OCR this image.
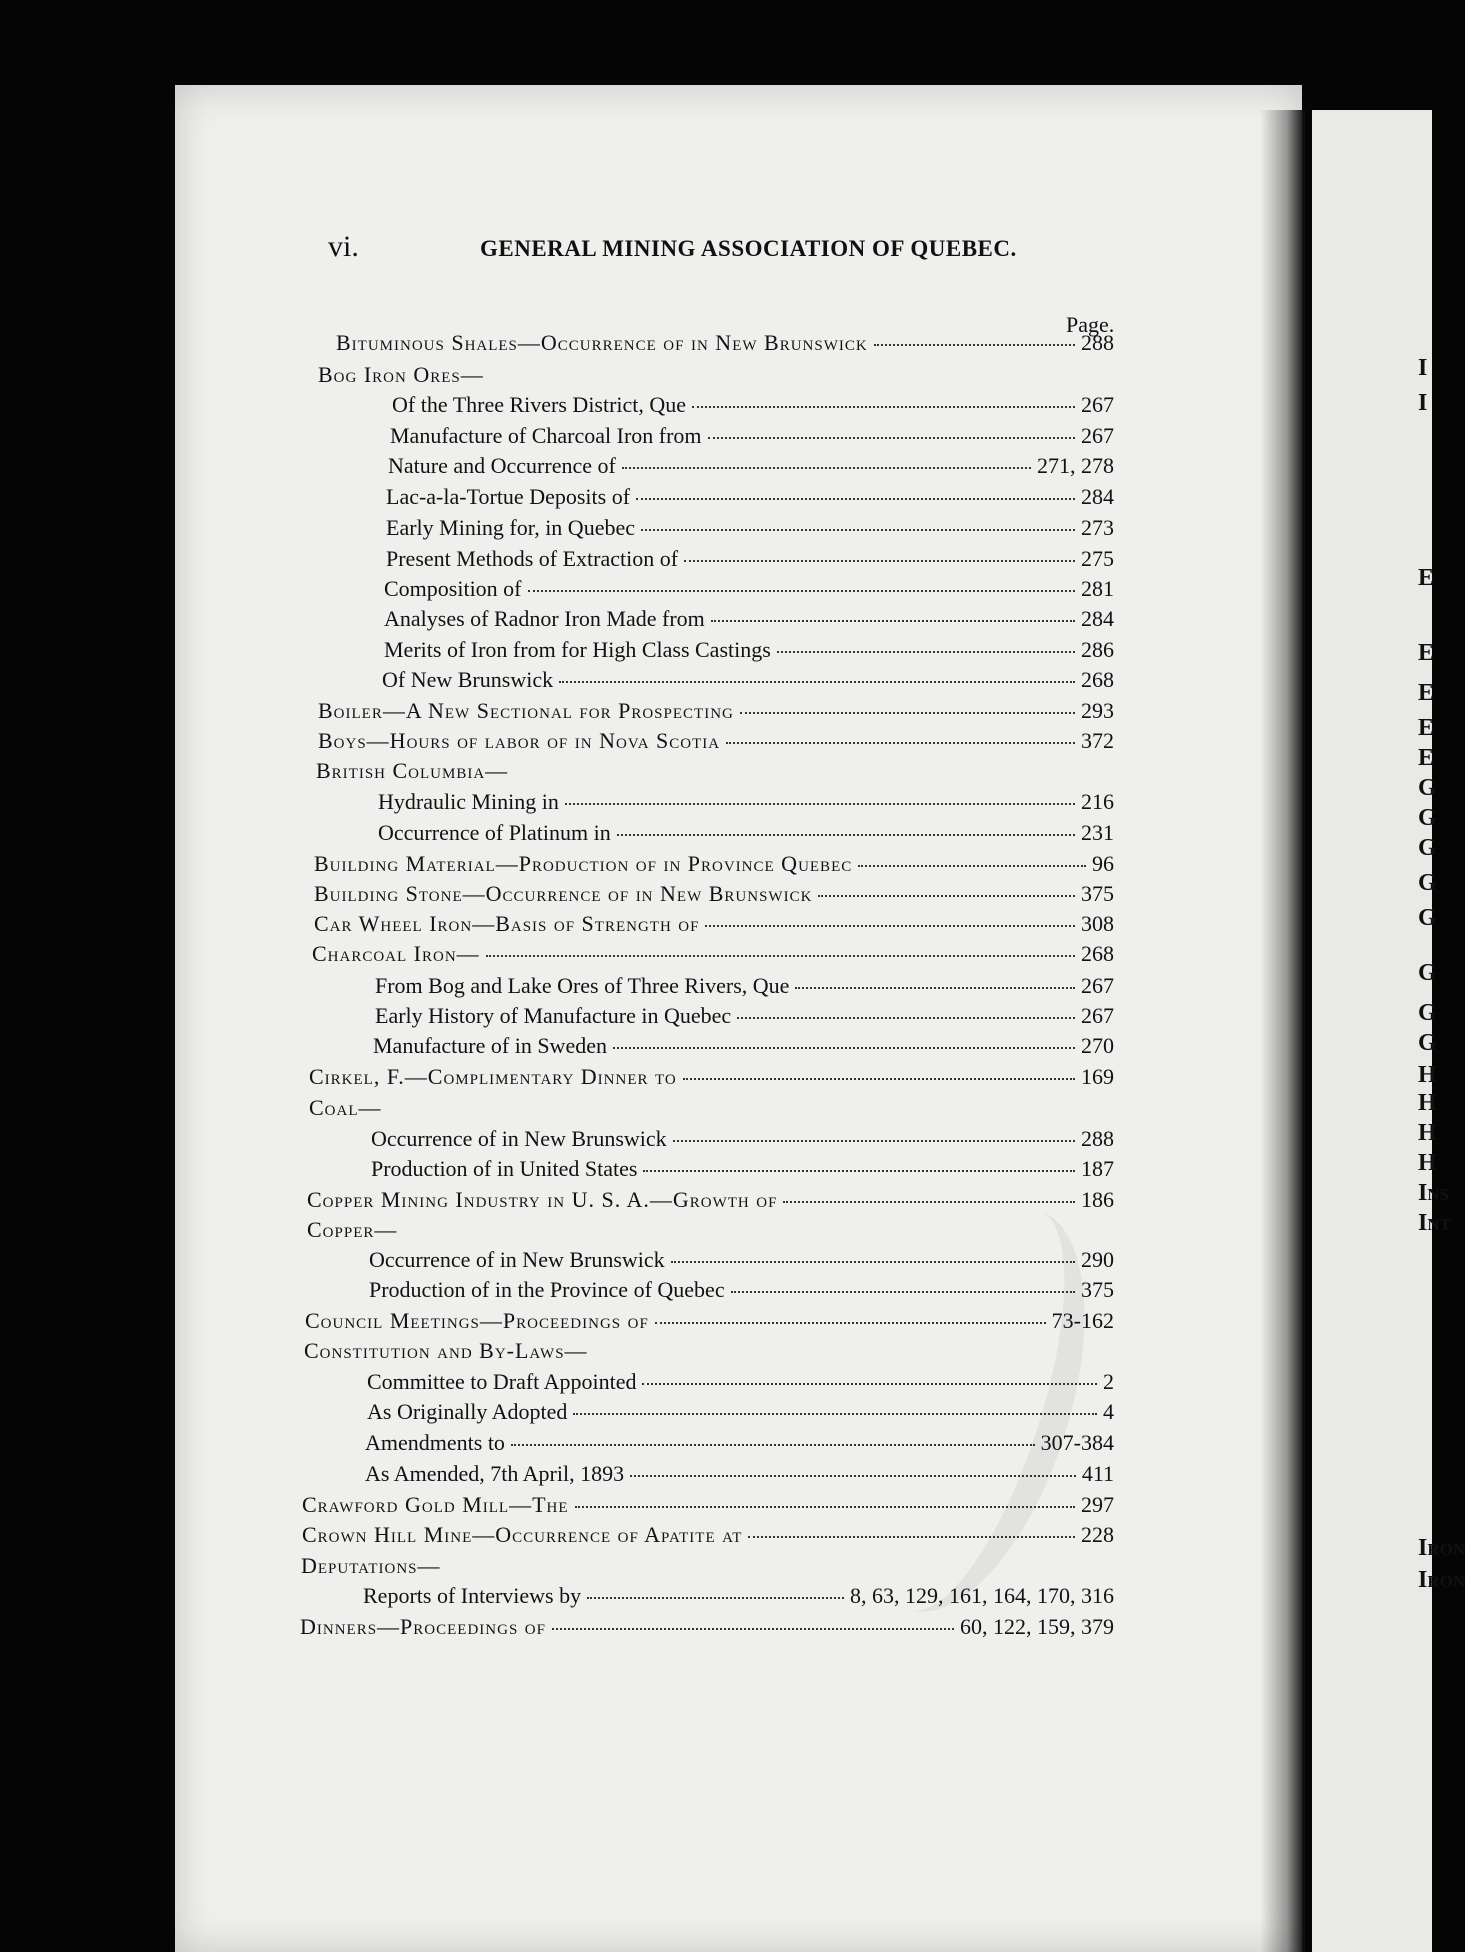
I
I
E
E
E
E
E
G
G
G
G
G
G
G
G
H
H
H
H
Ins
Int
Iron
Iron
vi.	GENERAL MINING ASSOCIATION OF QUEBEC.
Page.
Bituminous Shales—Occurrence of in New Brunswick	288
Bog Iron Ores—
Of the Three Rivers District, Que	267
Manufacture of Charcoal Iron from	267
Nature and Occurrence of	271, 278
Lac-a-la-Tortue Deposits of	284
Early Mining for, in Quebec	273
Present Methods of Extraction of	275
Composition of	281
Analyses of Radnor Iron Made from	284
Merits of Iron from for High Class Castings	286
Of New Brunswick	268
Boiler—A New Sectional for Prospecting	293
Boys—Hours of labor of in Nova Scotia	372
British Columbia—
Hydraulic Mining in	216
Occurrence of Platinum in	231
Building Material—Production of in Province Quebec	96
Building Stone—Occurrence of in New Brunswick	375
Car Wheel Iron—Basis of Strength of	308
Charcoal Iron—	268
From Bog and Lake Ores of Three Rivers, Que	267
Early History of Manufacture in Quebec	267
Manufacture of in Sweden	270
Cirkel, F.—Complimentary Dinner to	169
Coal—
Occurrence of in New Brunswick	288
Production of in United States	187
Copper Mining Industry in U. S. A.—Growth of	186
Copper—
Occurrence of in New Brunswick	290
Production of in the Province of Quebec	375
Council Meetings—Proceedings of	73-162
Constitution and By-Laws—
Committee to Draft Appointed	2
As Originally Adopted	4
Amendments to	307-384
As Amended, 7th April, 1893	411
Crawford Gold Mill—The	297
Crown Hill Mine—Occurrence of Apatite at	228
Deputations—
Reports of Interviews by	8, 63, 129, 161, 164, 170, 316
Dinners—Proceedings of	60, 122, 159, 379
